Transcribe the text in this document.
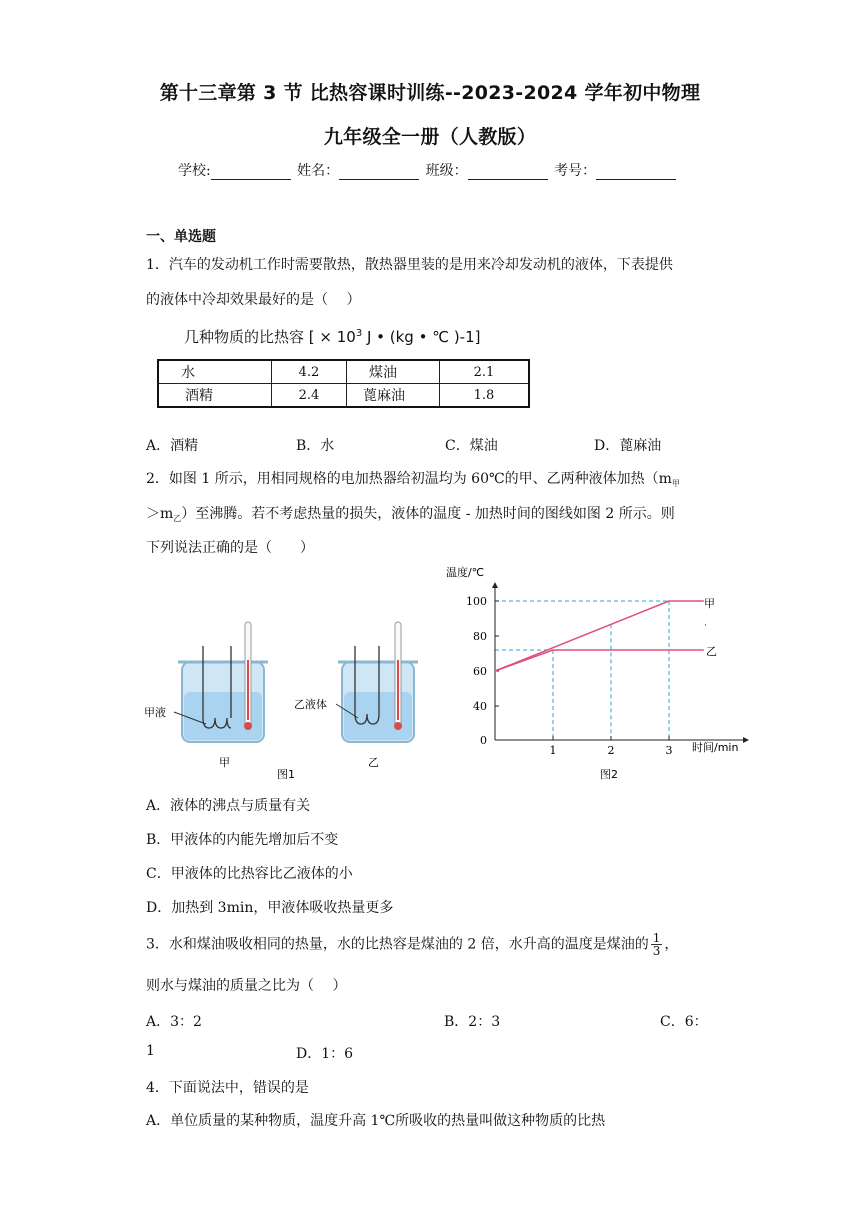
第十三章第 3 节 比热容课时训练--2023-2024 学年初中物理
九年级全一册（人教版）
学校:	姓名：	班级：	考号：
一、单选题
1．汽车的发动机工作时需要散热，散热器里装的是用来冷却发动机的液体，下表提供
的液体中冷却效果最好的是（　 ）
几种物质的比热容 [ × $10^3$ J • (kg • ℃ )-1]
水	4.2	煤油	2.1
酒精	2.4	蓖麻油	1.8
A．酒精	B．水	C．煤油	D．蓖麻油
2．如图 1 所示，用相同规格的电加热器给初温均为 60℃的甲、乙两种液体加热（$m_甲$
$>m_乙$）至沸腾。若不考虑热量的损失，液体的温度 - 加热时间的图线如图 2 所示。则
下列说法正确的是（　　）
甲液
乙液体
甲	乙
图1
0
40
60
80
100
1	2	3
温度/℃
时间/min
甲
乙
·
图2
A．液体的沸点与质量有关
B．甲液体的内能先增加后不变
C．甲液体的比热容比乙液体的小
D．加热到 3min，甲液体吸收热量更多
3．水和煤油吸收相同的热量，水的比热容是煤油的 2 倍，水升高的温度是煤油的 $\frac{1}{3}$ ，
则水与煤油的质量之比为（　 ）
A．3：2	B．2：3	C．6：
1	D．1：6
4．下面说法中，错误的是
A．单位质量的某种物质，温度升高 1℃所吸收的热量叫做这种物质的比热
